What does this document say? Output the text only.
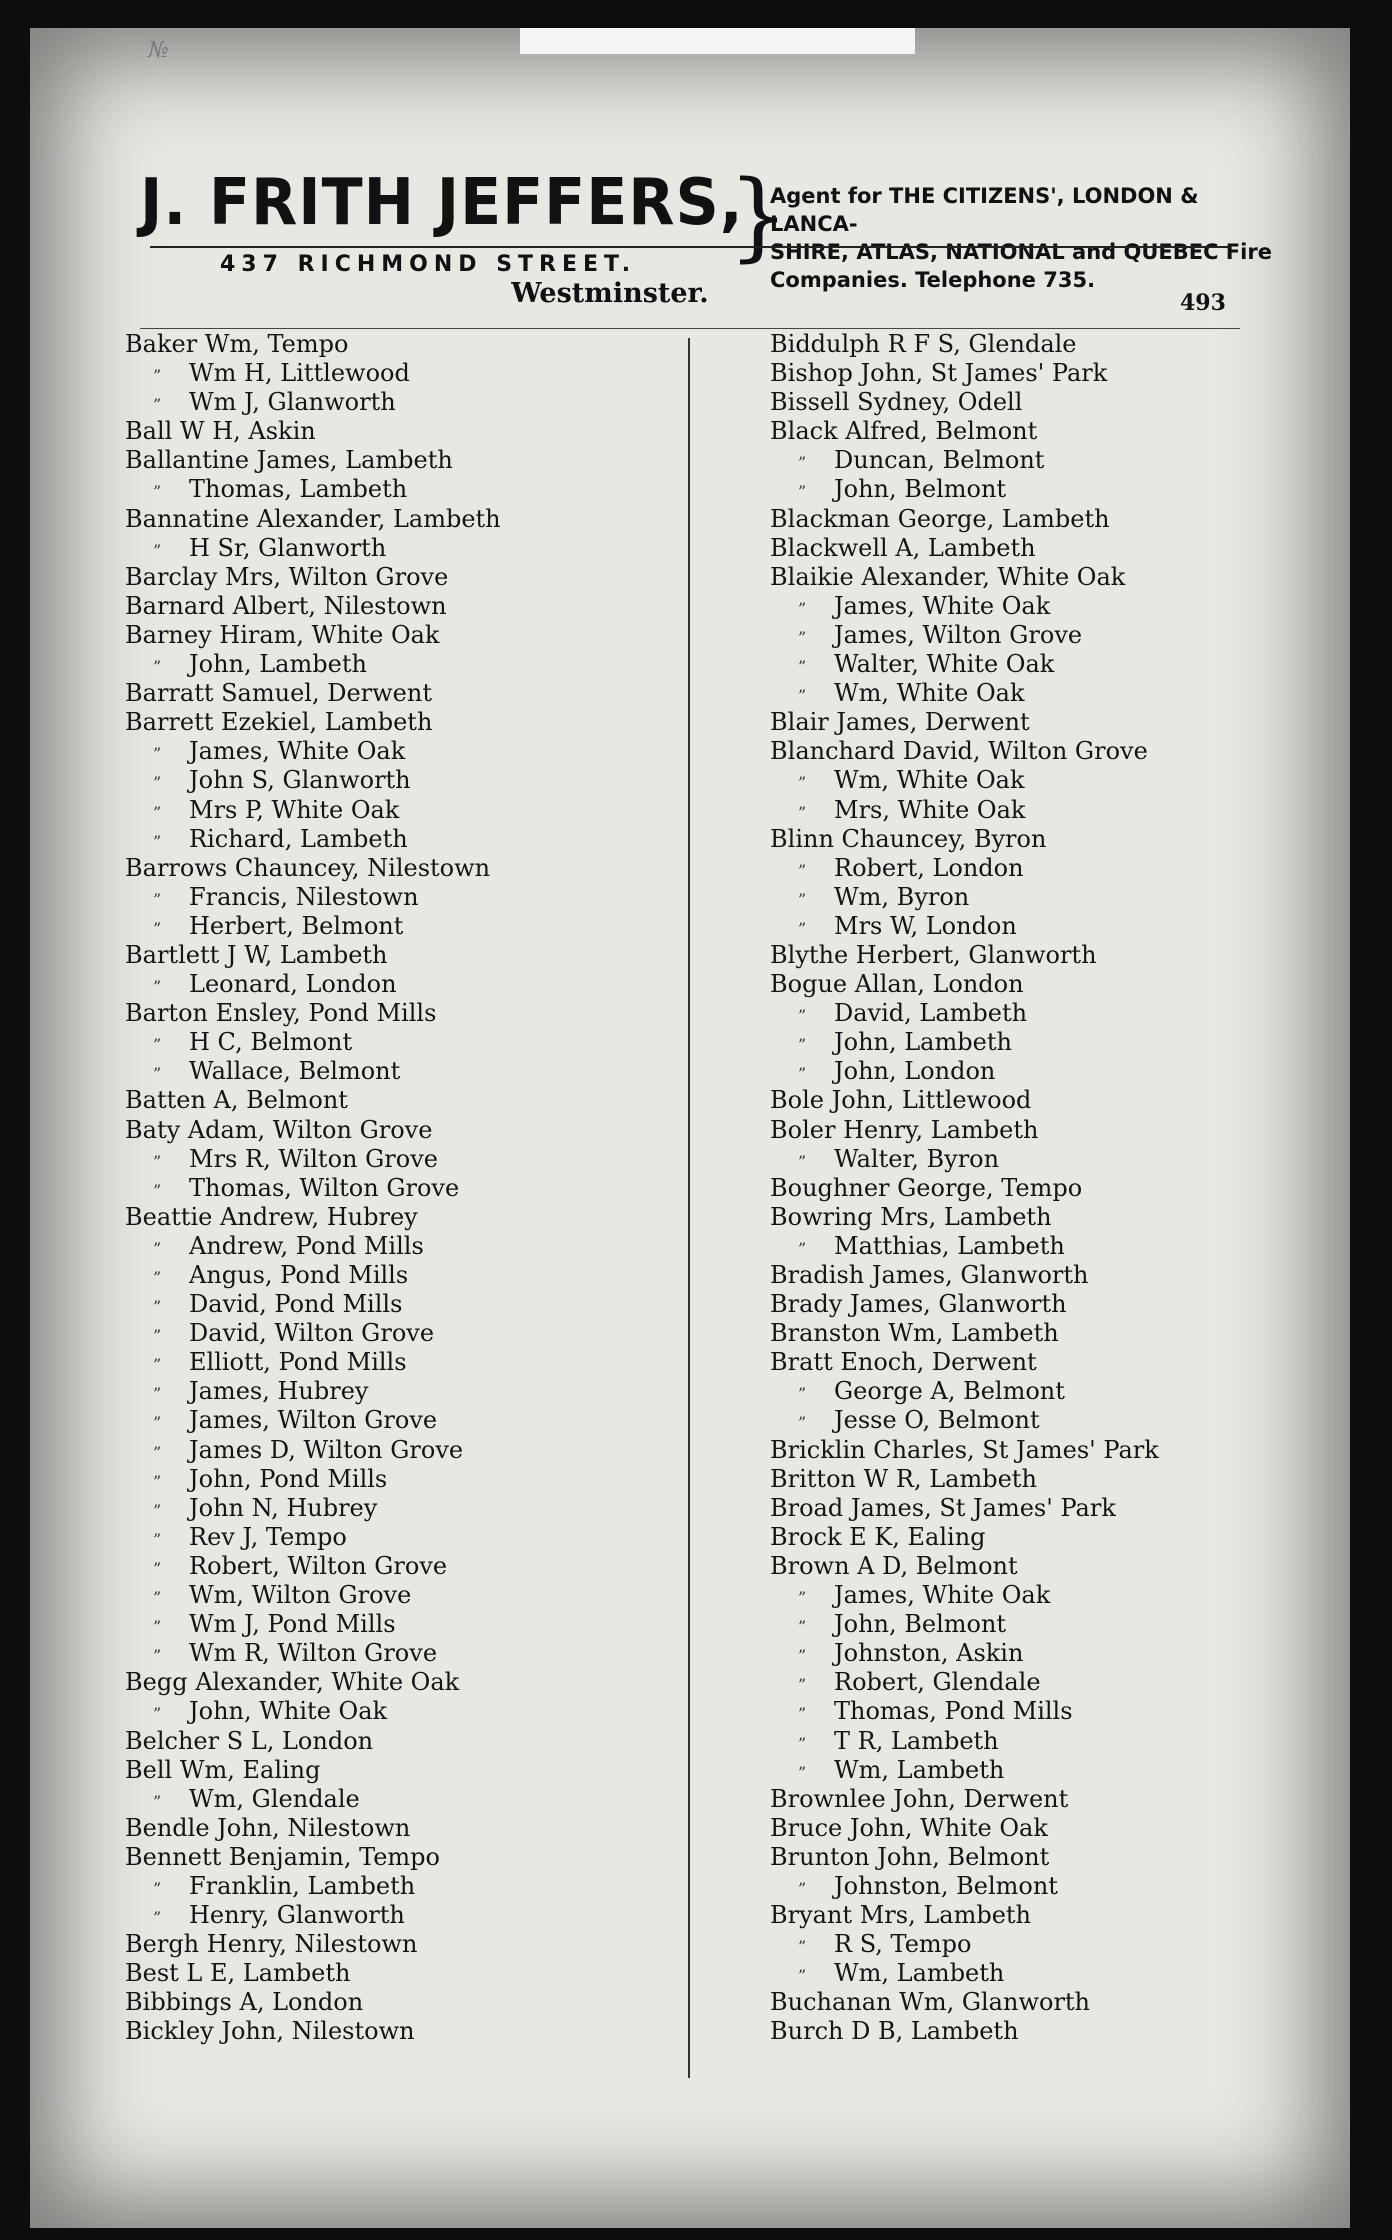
№
J. FRITH JEFFERS,
437 RICHMOND STREET. }
Agent for THE CITIZENS', LONDON & LANCA-
SHIRE, ATLAS, NATIONAL and QUEBEC Fire
Companies. Telephone 735.
Westminster.	493
Baker Wm, Tempo
” Wm H, Littlewood
” Wm J, Glanworth
Ball W H, Askin
Ballantine James, Lambeth
” Thomas, Lambeth
Bannatine Alexander, Lambeth
” H Sr, Glanworth
Barclay Mrs, Wilton Grove
Barnard Albert, Nilestown
Barney Hiram, White Oak
” John, Lambeth
Barratt Samuel, Derwent
Barrett Ezekiel, Lambeth
” James, White Oak
” John S, Glanworth
” Mrs P, White Oak
” Richard, Lambeth
Barrows Chauncey, Nilestown
” Francis, Nilestown
” Herbert, Belmont
Bartlett J W, Lambeth
” Leonard, London
Barton Ensley, Pond Mills
” H C, Belmont
” Wallace, Belmont
Batten A, Belmont
Baty Adam, Wilton Grove
” Mrs R, Wilton Grove
” Thomas, Wilton Grove
Beattie Andrew, Hubrey
” Andrew, Pond Mills
” Angus, Pond Mills
” David, Pond Mills
” David, Wilton Grove
” Elliott, Pond Mills
” James, Hubrey
” James, Wilton Grove
” James D, Wilton Grove
” John, Pond Mills
” John N, Hubrey
” Rev J, Tempo
” Robert, Wilton Grove
” Wm, Wilton Grove
” Wm J, Pond Mills
” Wm R, Wilton Grove
Begg Alexander, White Oak
” John, White Oak
Belcher S L, London
Bell Wm, Ealing
” Wm, Glendale
Bendle John, Nilestown
Bennett Benjamin, Tempo
” Franklin, Lambeth
” Henry, Glanworth
Bergh Henry, Nilestown
Best L E, Lambeth
Bibbings A, London
Bickley John, Nilestown
Biddulph R F S, Glendale
Bishop John, St James' Park
Bissell Sydney, Odell
Black Alfred, Belmont
” Duncan, Belmont
” John, Belmont
Blackman George, Lambeth
Blackwell A, Lambeth
Blaikie Alexander, White Oak
” James, White Oak
” James, Wilton Grove
” Walter, White Oak
” Wm, White Oak
Blair James, Derwent
Blanchard David, Wilton Grove
” Wm, White Oak
” Mrs, White Oak
Blinn Chauncey, Byron
” Robert, London
” Wm, Byron
” Mrs W, London
Blythe Herbert, Glanworth
Bogue Allan, London
” David, Lambeth
” John, Lambeth
” John, London
Bole John, Littlewood
Boler Henry, Lambeth
” Walter, Byron
Boughner George, Tempo
Bowring Mrs, Lambeth
” Matthias, Lambeth
Bradish James, Glanworth
Brady James, Glanworth
Branston Wm, Lambeth
Bratt Enoch, Derwent
” George A, Belmont
” Jesse O, Belmont
Bricklin Charles, St James' Park
Britton W R, Lambeth
Broad James, St James' Park
Brock E K, Ealing
Brown A D, Belmont
” James, White Oak
” John, Belmont
” Johnston, Askin
” Robert, Glendale
” Thomas, Pond Mills
” T R, Lambeth
” Wm, Lambeth
Brownlee John, Derwent
Bruce John, White Oak
Brunton John, Belmont
” Johnston, Belmont
Bryant Mrs, Lambeth
” R S, Tempo
” Wm, Lambeth
Buchanan Wm, Glanworth
Burch D B, Lambeth
